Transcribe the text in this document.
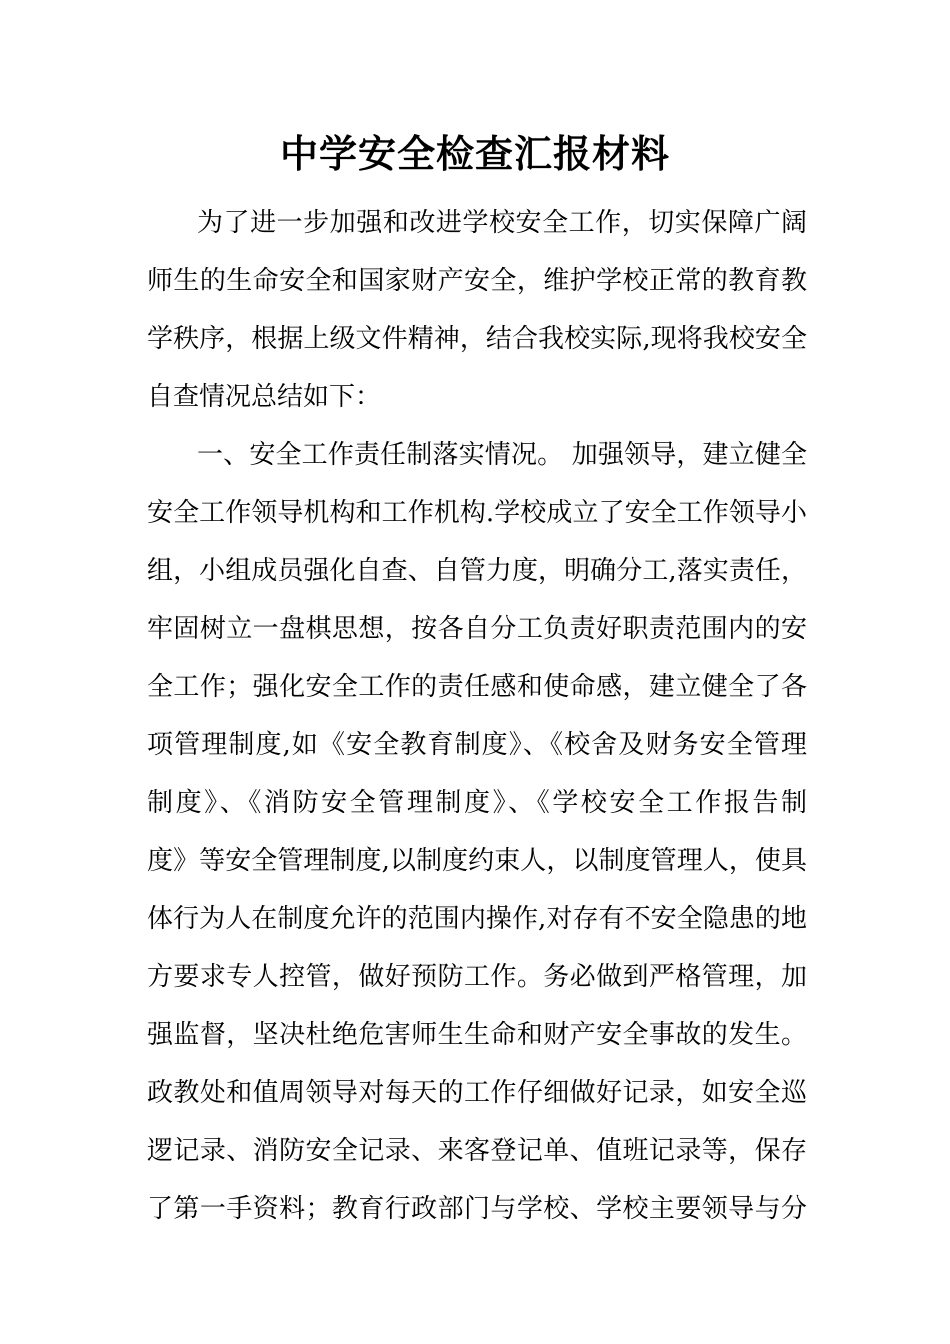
中学安全检查汇报材料
为了进一步加强和改进学校安全工作，切实保障广阔
师生的生命安全和国家财产安全，维护学校正常的教育教
学秩序，根据上级文件精神，结合我校实际,现将我校安全
自查情况总结如下：
一、安全工作责任制落实情况。 加强领导，建立健全
安全工作领导机构和工作机构.学校成立了安全工作领导小
组，小组成员强化自查、自管力度，明确分工,落实责任，
牢固树立一盘棋思想，按各自分工负责好职责范围内的安
全工作；强化安全工作的责任感和使命感，建立健全了各
项管理制度,如《安全教育制度》、《校舍及财务安全管理
制度》、《消防安全管理制度》、《学校安全工作报告制
度》等安全管理制度,以制度约束人，以制度管理人，使具
体行为人在制度允许的范围内操作,对存有不安全隐患的地
方要求专人控管，做好预防工作。务必做到严格管理，加
强监督，坚决杜绝危害师生生命和财产安全事故的发生。
政教处和值周领导对每天的工作仔细做好记录，如安全巡
逻记录、消防安全记录、来客登记单、值班记录等，保存
了第一手资料；教育行政部门与学校、学校主要领导与分
